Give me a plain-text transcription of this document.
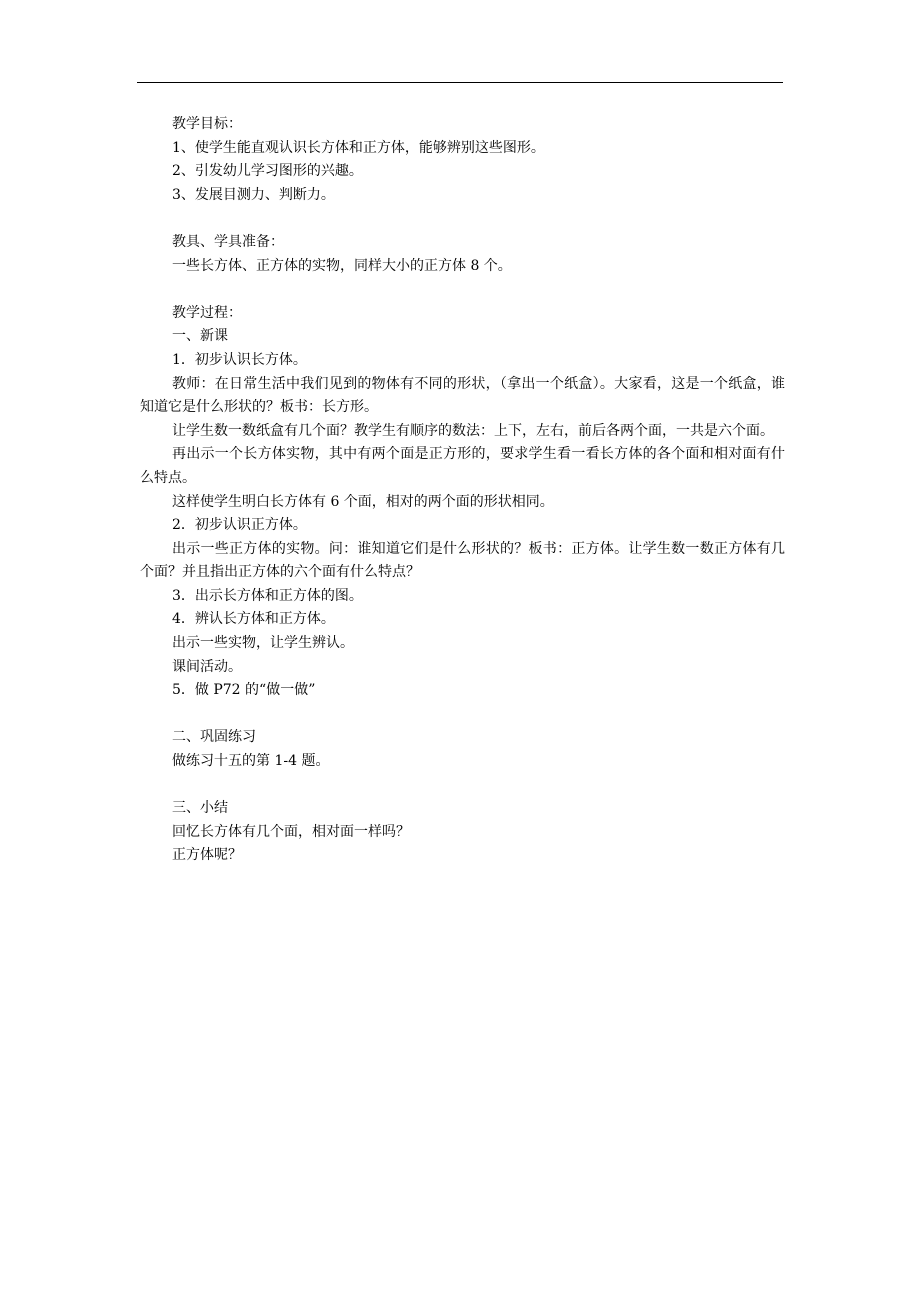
教学目标：

1、使学生能直观认识长方体和正方体，能够辨别这些图形。

2、引发幼儿学习图形的兴趣。

3、发展目测力、判断力。

教具、学具准备：

一些长方体、正方体的实物，同样大小的正方体 8 个。

教学过程：

一、新课

1．初步认识长方体。

教师：在日常生活中我们见到的物体有不同的形状，（拿出一个纸盒）。大家看，这是一个纸盒，谁知道它是什么形状的？板书：长方形。

让学生数一数纸盒有几个面？教学生有顺序的数法：上下，左右，前后各两个面，一共是六个面。

再出示一个长方体实物，其中有两个面是正方形的，要求学生看一看长方体的各个面和相对面有什么特点。

这样使学生明白长方体有 6 个面，相对的两个面的形状相同。

2．初步认识正方体。

出示一些正方体的实物。问：谁知道它们是什么形状的？板书：正方体。让学生数一数正方体有几个面？并且指出正方体的六个面有什么特点？

3．出示长方体和正方体的图。

4．辨认长方体和正方体。

出示一些实物，让学生辨认。

课间活动。

5．做 P72 的“做一做”

二、巩固练习

做练习十五的第 1-4 题。

三、小结

回忆长方体有几个面，相对面一样吗？

正方体呢？
